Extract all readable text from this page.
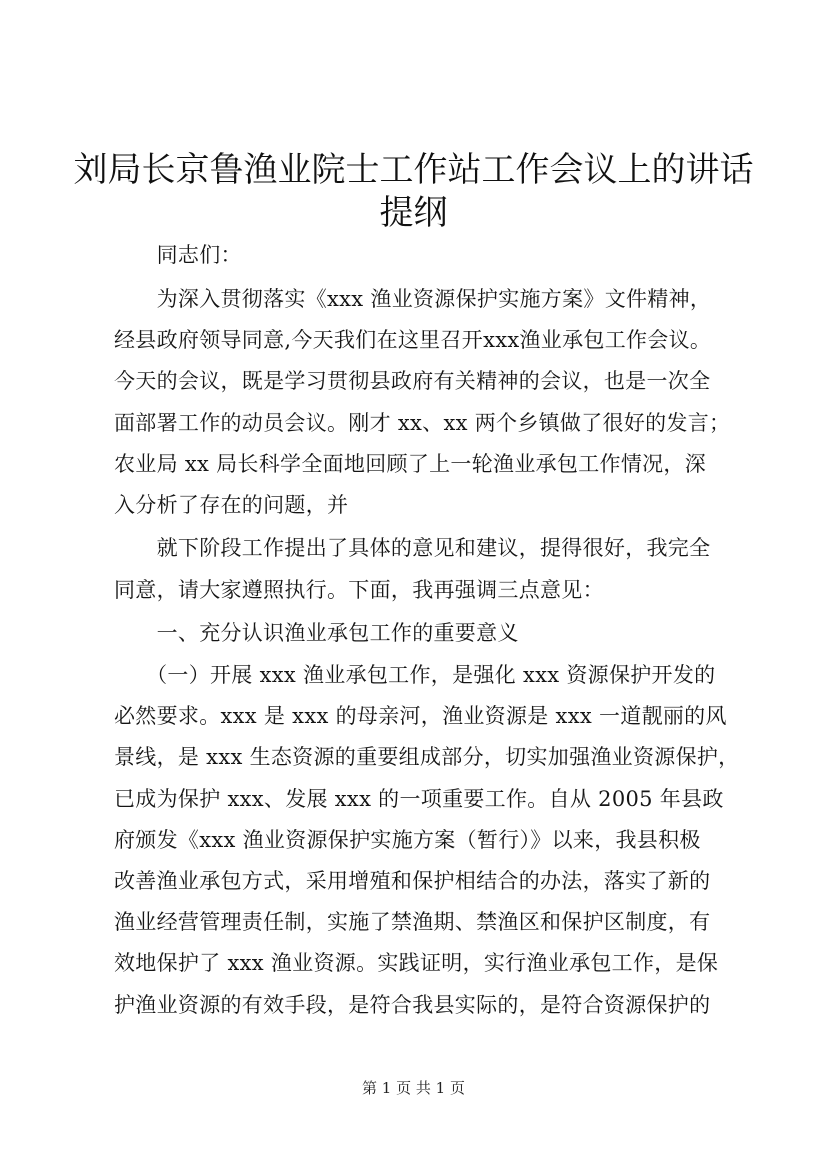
刘局长京鲁渔业院士工作站工作会议上的讲话
提纲
　　同志们：
　　为深入贯彻落实《xxx 渔业资源保护实施方案》文件精神，
经县政府领导同意,今天我们在这里召开xxx渔业承包工作会议。
今天的会议，既是学习贯彻县政府有关精神的会议，也是一次全
面部署工作的动员会议。刚才 xx、xx 两个乡镇做了很好的发言；
农业局 xx 局长科学全面地回顾了上一轮渔业承包工作情况，深
入分析了存在的问题，并
　　就下阶段工作提出了具体的意见和建议，提得很好，我完全
同意，请大家遵照执行。下面，我再强调三点意见：
　　一、充分认识渔业承包工作的重要意义
　　（一）开展 xxx 渔业承包工作，是强化 xxx 资源保护开发的
必然要求。xxx 是 xxx 的母亲河，渔业资源是 xxx 一道靓丽的风
景线，是 xxx 生态资源的重要组成部分，切实加强渔业资源保护，
已成为保护 xxx、发展 xxx 的一项重要工作。自从 2005 年县政
府颁发《xxx 渔业资源保护实施方案（暂行）》以来，我县积极
改善渔业承包方式，采用增殖和保护相结合的办法，落实了新的
渔业经营管理责任制，实施了禁渔期、禁渔区和保护区制度，有
效地保护了 xxx 渔业资源。实践证明，实行渔业承包工作，是保
护渔业资源的有效手段，是符合我县实际的，是符合资源保护的
第 1 页 共 1 页
